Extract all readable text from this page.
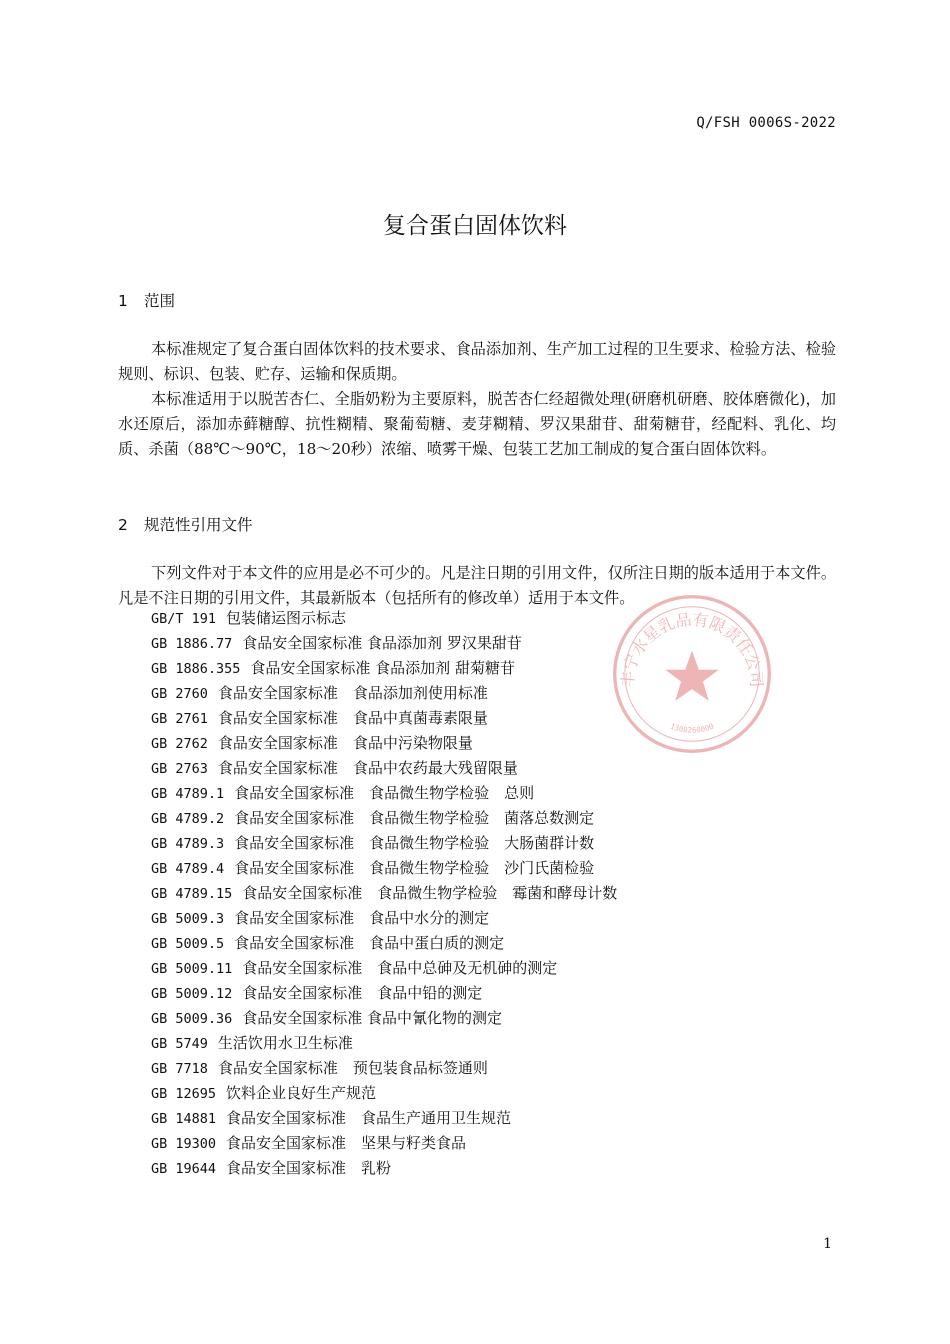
Q/FSH 0006S-2022
复合蛋白固体饮料
1 范围
本标准规定了复合蛋白固体饮料的技术要求、食品添加剂、生产加工过程的卫生要求、检验方法、检验规则、标识、包装、贮存、运输和保质期。
本标准适用于以脱苦杏仁、全脂奶粉为主要原料，脱苦杏仁经超微处理(研磨机研磨、胶体磨微化)，加水还原后，添加赤藓糖醇、抗性糊精、聚葡萄糖、麦芽糊精、罗汉果甜苷、甜菊糖苷，经配料、乳化、均质、杀菌（88℃～90℃，18～20秒）浓缩、喷雾干燥、包装工艺加工制成的复合蛋白固体饮料。
2 规范性引用文件
下列文件对于本文件的应用是必不可少的。凡是注日期的引用文件，仅所注日期的版本适用于本文件。凡是不注日期的引用文件，其最新版本（包括所有的修改单）适用于本文件。
丰宁水星乳品有限责任公司
1308260000
GB/T 191 包装储运图示标志
GB 1886.77 食品安全国家标准 食品添加剂 罗汉果甜苷
GB 1886.355 食品安全国家标准 食品添加剂 甜菊糖苷
GB 2760 食品安全国家标准　食品添加剂使用标准
GB 2761 食品安全国家标准　食品中真菌毒素限量
GB 2762 食品安全国家标准　食品中污染物限量
GB 2763 食品安全国家标准　食品中农药最大残留限量
GB 4789.1 食品安全国家标准　食品微生物学检验　总则
GB 4789.2 食品安全国家标准　食品微生物学检验　菌落总数测定
GB 4789.3 食品安全国家标准　食品微生物学检验　大肠菌群计数
GB 4789.4 食品安全国家标准　食品微生物学检验　沙门氏菌检验
GB 4789.15 食品安全国家标准　食品微生物学检验　霉菌和酵母计数
GB 5009.3 食品安全国家标准　食品中水分的测定
GB 5009.5 食品安全国家标准　食品中蛋白质的测定
GB 5009.11 食品安全国家标准　食品中总砷及无机砷的测定
GB 5009.12 食品安全国家标准　食品中铅的测定
GB 5009.36 食品安全国家标准 食品中氰化物的测定
GB 5749 生活饮用水卫生标准
GB 7718 食品安全国家标准　预包装食品标签通则
GB 12695 饮料企业良好生产规范
GB 14881 食品安全国家标准　食品生产通用卫生规范
GB 19300 食品安全国家标准　坚果与籽类食品
GB 19644 食品安全国家标准　乳粉
1
